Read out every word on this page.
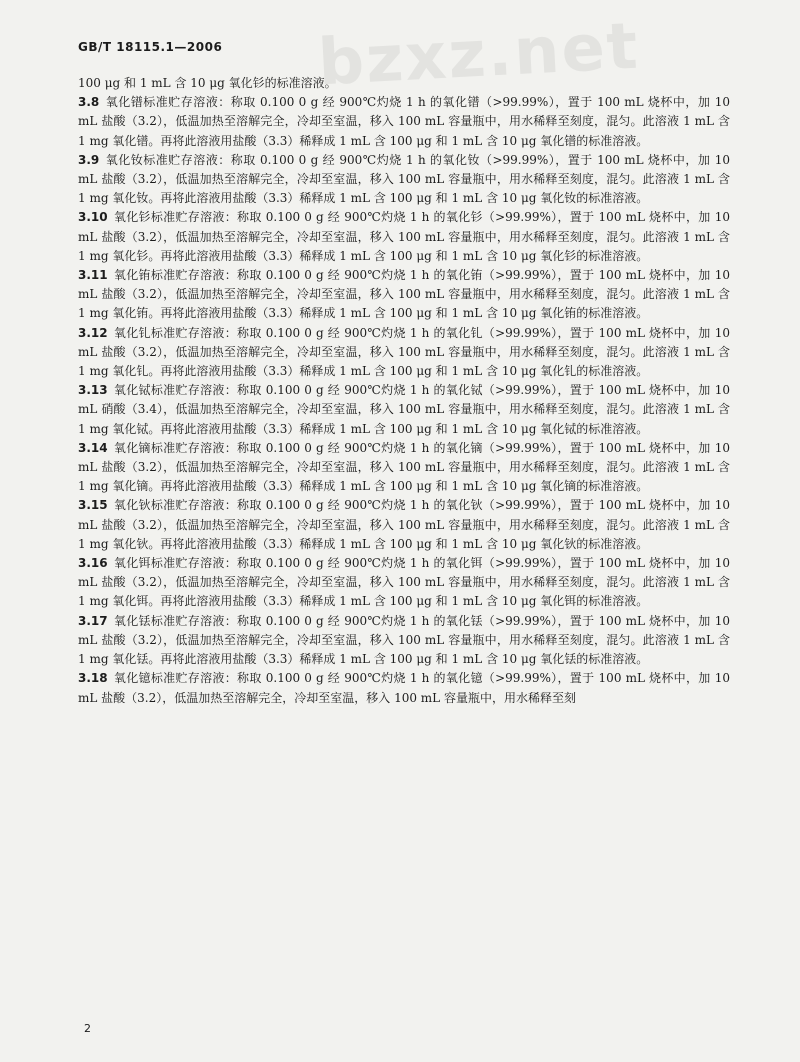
bzxz.net
GB/T 18115.1—2006

100 μg 和 1 mL 含 10 μg 氧化钐的标准溶液。

3.8 氧化镨标准贮存溶液：称取 0.100 0 g 经 900℃灼烧 1 h 的氧化镨（>99.99%），置于 100 mL 烧杯中，加 10 mL 盐酸（3.2），低温加热至溶解完全，冷却至室温，移入 100 mL 容量瓶中，用水稀释至刻度，混匀。此溶液 1 mL 含 1 mg 氧化镨。再将此溶液用盐酸（3.3）稀释成 1 mL 含 100 μg 和 1 mL 含 10 μg 氧化镨的标准溶液。

3.9 氧化钕标准贮存溶液：称取 0.100 0 g 经 900℃灼烧 1 h 的氧化钕（>99.99%），置于 100 mL 烧杯中，加 10 mL 盐酸（3.2），低温加热至溶解完全，冷却至室温，移入 100 mL 容量瓶中，用水稀释至刻度，混匀。此溶液 1 mL 含 1 mg 氧化钕。再将此溶液用盐酸（3.3）稀释成 1 mL 含 100 μg 和 1 mL 含 10 μg 氧化钕的标准溶液。

3.10 氧化钐标准贮存溶液：称取 0.100 0 g 经 900℃灼烧 1 h 的氧化钐（>99.99%），置于 100 mL 烧杯中，加 10 mL 盐酸（3.2），低温加热至溶解完全，冷却至室温，移入 100 mL 容量瓶中，用水稀释至刻度，混匀。此溶液 1 mL 含 1 mg 氧化钐。再将此溶液用盐酸（3.3）稀释成 1 mL 含 100 μg 和 1 mL 含 10 μg 氧化钐的标准溶液。

3.11 氧化铕标准贮存溶液：称取 0.100 0 g 经 900℃灼烧 1 h 的氧化铕（>99.99%），置于 100 mL 烧杯中，加 10 mL 盐酸（3.2），低温加热至溶解完全，冷却至室温，移入 100 mL 容量瓶中，用水稀释至刻度，混匀。此溶液 1 mL 含 1 mg 氧化铕。再将此溶液用盐酸（3.3）稀释成 1 mL 含 100 μg 和 1 mL 含 10 μg 氧化铕的标准溶液。

3.12 氧化钆标准贮存溶液：称取 0.100 0 g 经 900℃灼烧 1 h 的氧化钆（>99.99%），置于 100 mL 烧杯中，加 10 mL 盐酸（3.2），低温加热至溶解完全，冷却至室温，移入 100 mL 容量瓶中，用水稀释至刻度，混匀。此溶液 1 mL 含 1 mg 氧化钆。再将此溶液用盐酸（3.3）稀释成 1 mL 含 100 μg 和 1 mL 含 10 μg 氧化钆的标准溶液。

3.13 氧化铽标准贮存溶液：称取 0.100 0 g 经 900℃灼烧 1 h 的氧化铽（>99.99%），置于 100 mL 烧杯中，加 10 mL 硝酸（3.4），低温加热至溶解完全，冷却至室温，移入 100 mL 容量瓶中，用水稀释至刻度，混匀。此溶液 1 mL 含 1 mg 氧化铽。再将此溶液用盐酸（3.3）稀释成 1 mL 含 100 μg 和 1 mL 含 10 μg 氧化铽的标准溶液。

3.14 氧化镝标准贮存溶液：称取 0.100 0 g 经 900℃灼烧 1 h 的氧化镝（>99.99%），置于 100 mL 烧杯中，加 10 mL 盐酸（3.2），低温加热至溶解完全，冷却至室温，移入 100 mL 容量瓶中，用水稀释至刻度，混匀。此溶液 1 mL 含 1 mg 氧化镝。再将此溶液用盐酸（3.3）稀释成 1 mL 含 100 μg 和 1 mL 含 10 μg 氧化镝的标准溶液。

3.15 氧化钬标准贮存溶液：称取 0.100 0 g 经 900℃灼烧 1 h 的氧化钬（>99.99%），置于 100 mL 烧杯中，加 10 mL 盐酸（3.2），低温加热至溶解完全，冷却至室温，移入 100 mL 容量瓶中，用水稀释至刻度，混匀。此溶液 1 mL 含 1 mg 氧化钬。再将此溶液用盐酸（3.3）稀释成 1 mL 含 100 μg 和 1 mL 含 10 μg 氧化钬的标准溶液。

3.16 氧化铒标准贮存溶液：称取 0.100 0 g 经 900℃灼烧 1 h 的氧化铒（>99.99%），置于 100 mL 烧杯中，加 10 mL 盐酸（3.2），低温加热至溶解完全，冷却至室温，移入 100 mL 容量瓶中，用水稀释至刻度，混匀。此溶液 1 mL 含 1 mg 氧化铒。再将此溶液用盐酸（3.3）稀释成 1 mL 含 100 μg 和 1 mL 含 10 μg 氧化铒的标准溶液。

3.17 氧化铥标准贮存溶液：称取 0.100 0 g 经 900℃灼烧 1 h 的氧化铥（>99.99%），置于 100 mL 烧杯中，加 10 mL 盐酸（3.2），低温加热至溶解完全，冷却至室温，移入 100 mL 容量瓶中，用水稀释至刻度，混匀。此溶液 1 mL 含 1 mg 氧化铥。再将此溶液用盐酸（3.3）稀释成 1 mL 含 100 μg 和 1 mL 含 10 μg 氧化铥的标准溶液。

3.18 氧化镱标准贮存溶液：称取 0.100 0 g 经 900℃灼烧 1 h 的氧化镱（>99.99%），置于 100 mL 烧杯中，加 10 mL 盐酸（3.2），低温加热至溶解完全，冷却至室温，移入 100 mL 容量瓶中，用水稀释至刻

2
